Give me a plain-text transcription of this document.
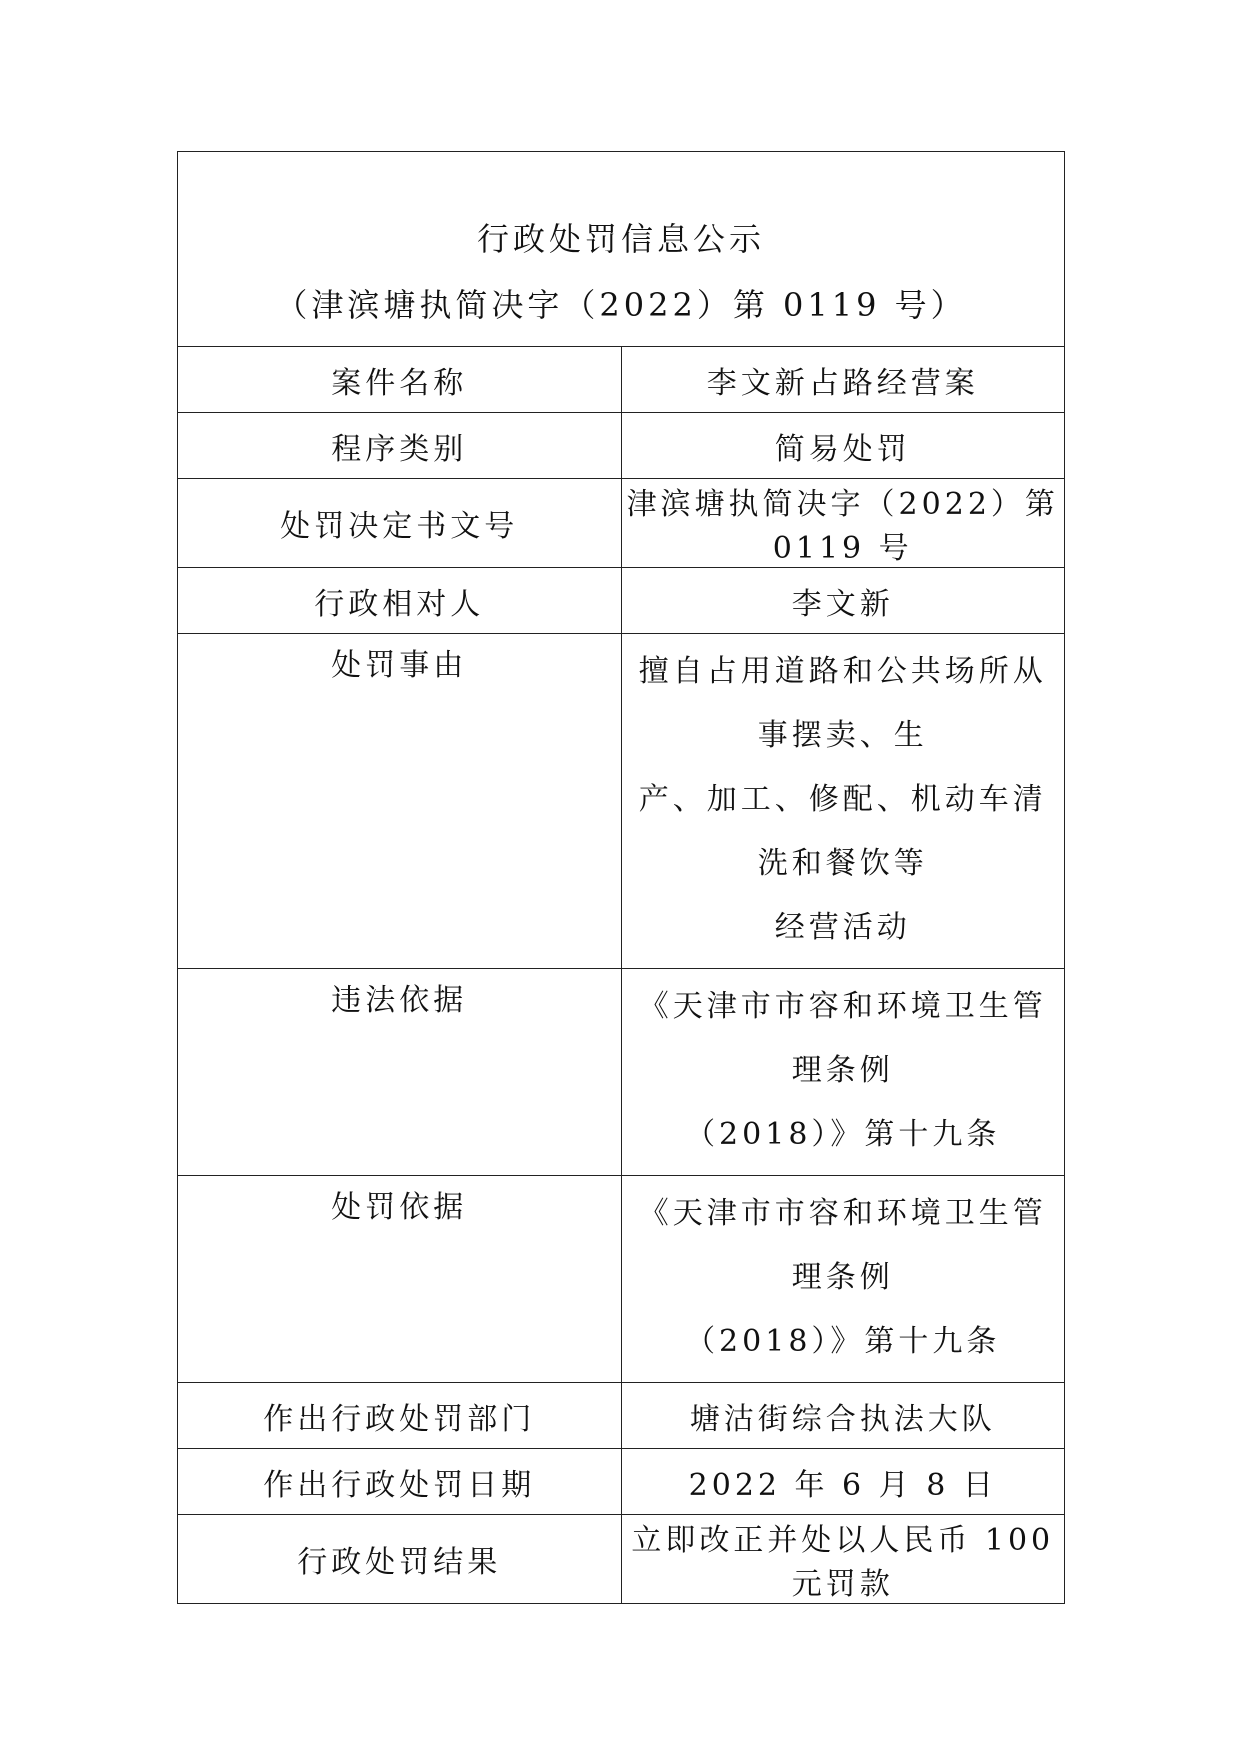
行政处罚信息公示
（津滨塘执简决字（2022）第 0119 号）	

案件名称	李文新占路经营案
程序类别	简易处罚
处罚决定书文号	津滨塘执简决字（2022）第 0119 号
行政相对人	李文新

处罚事由	擅自占用道路和公共场所从事摆卖、生
产、加工、修配、机动车清洗和餐饮等
经营活动

违法依据	《天津市市容和环境卫生管理条例
（2018）》第十九条

处罚依据	《天津市市容和环境卫生管理条例
（2018）》第十九条

作出行政处罚部门	塘沽街综合执法大队
作出行政处罚日期	2022 年 6 月 8 日
行政处罚结果	立即改正并处以人民币 100 元罚款
